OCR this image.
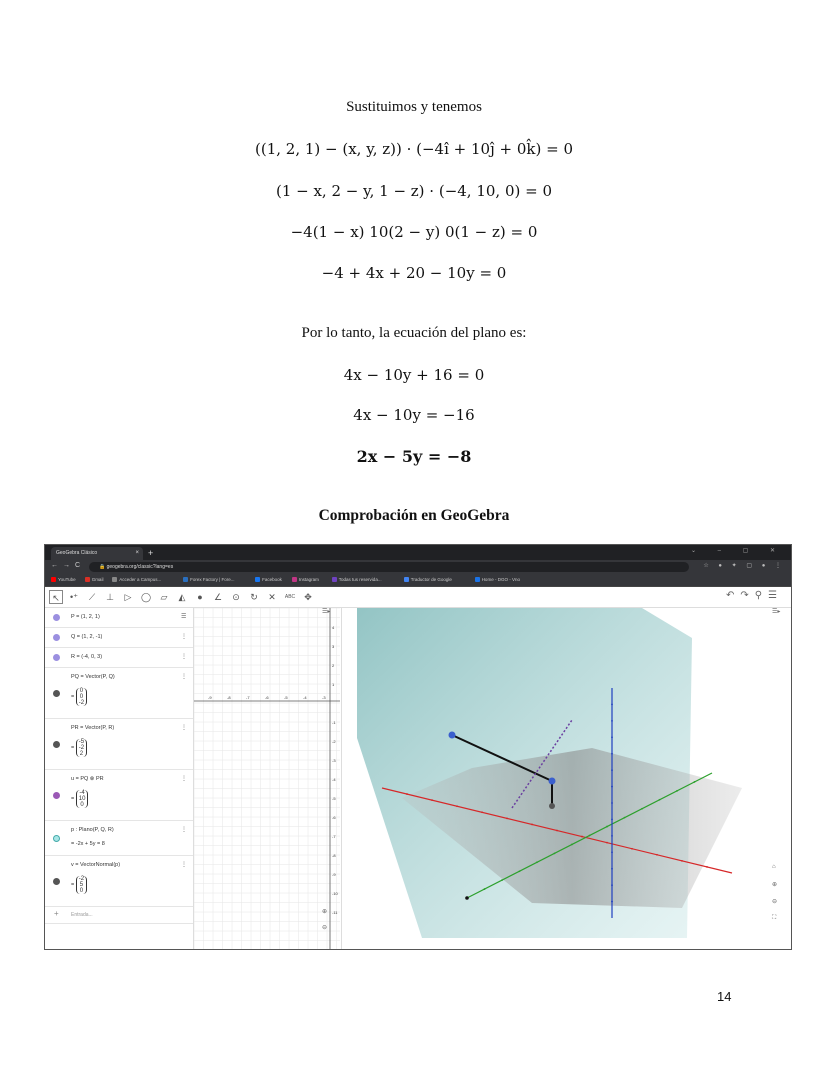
Sustituimos y tenemos
((1, 2, 1) − (x, y, z)) · (−4î + 10ĵ + 0k̂) = 0
(1 − x, 2 − y, 1 − z) · (−4, 10, 0) = 0
−4(1 − x) 10(2 − y) 0(1 − z) = 0
−4 + 4x + 20 − 10y = 0
Por lo tanto, la ecuación del plano es:
4x − 10y + 16 = 0
4x − 10y = −16
2x − 5y = −8
Comprobación en GeoGebra
GeoGebra Clásico	× +	⌄ – ▢ ✕
←→C	🔒 geogebra.org/classic?lang=es	☆ ● ✦ ▢ ● ⋮
YouTube	Gmail	Acceder a Campus...	Forex Factory | Fore...	Facebook	Instagram	Todas tus reservida...	Traductor de Google	Home - DGO - Vno
↖	•⁺	⟋	⊥	▷	◯	▱	◭	●	∠	⊙	↻	✕	ABC	✥	↶↷⚲☰
P = (1, 2, 1)	☰
Q = (1, 2, -1)	⋮
R = (-4, 0, 3)	⋮
PQ = Vector(P, Q)
=
0
0
-2
⋮
PR = Vector(P, R)
=
-5
-2
2
⋮
u = PQ ⊗ PR
=
-4
10
0
⋮
p : Plano(P, Q, R)
= -2x + 5y = 8
⋮
v = VectorNormal(p)
=
-2
5
0
⋮
+ Entrada...
-9	-8	-7	-6	-5	-4	-3
4
3
2
1
-1
-2
-3
-4
-5
-6
-7
-8
-9
-10
-11
☰▸
⊕
⊖
☰▸
⌂
⊕
⊖
⛶
14
